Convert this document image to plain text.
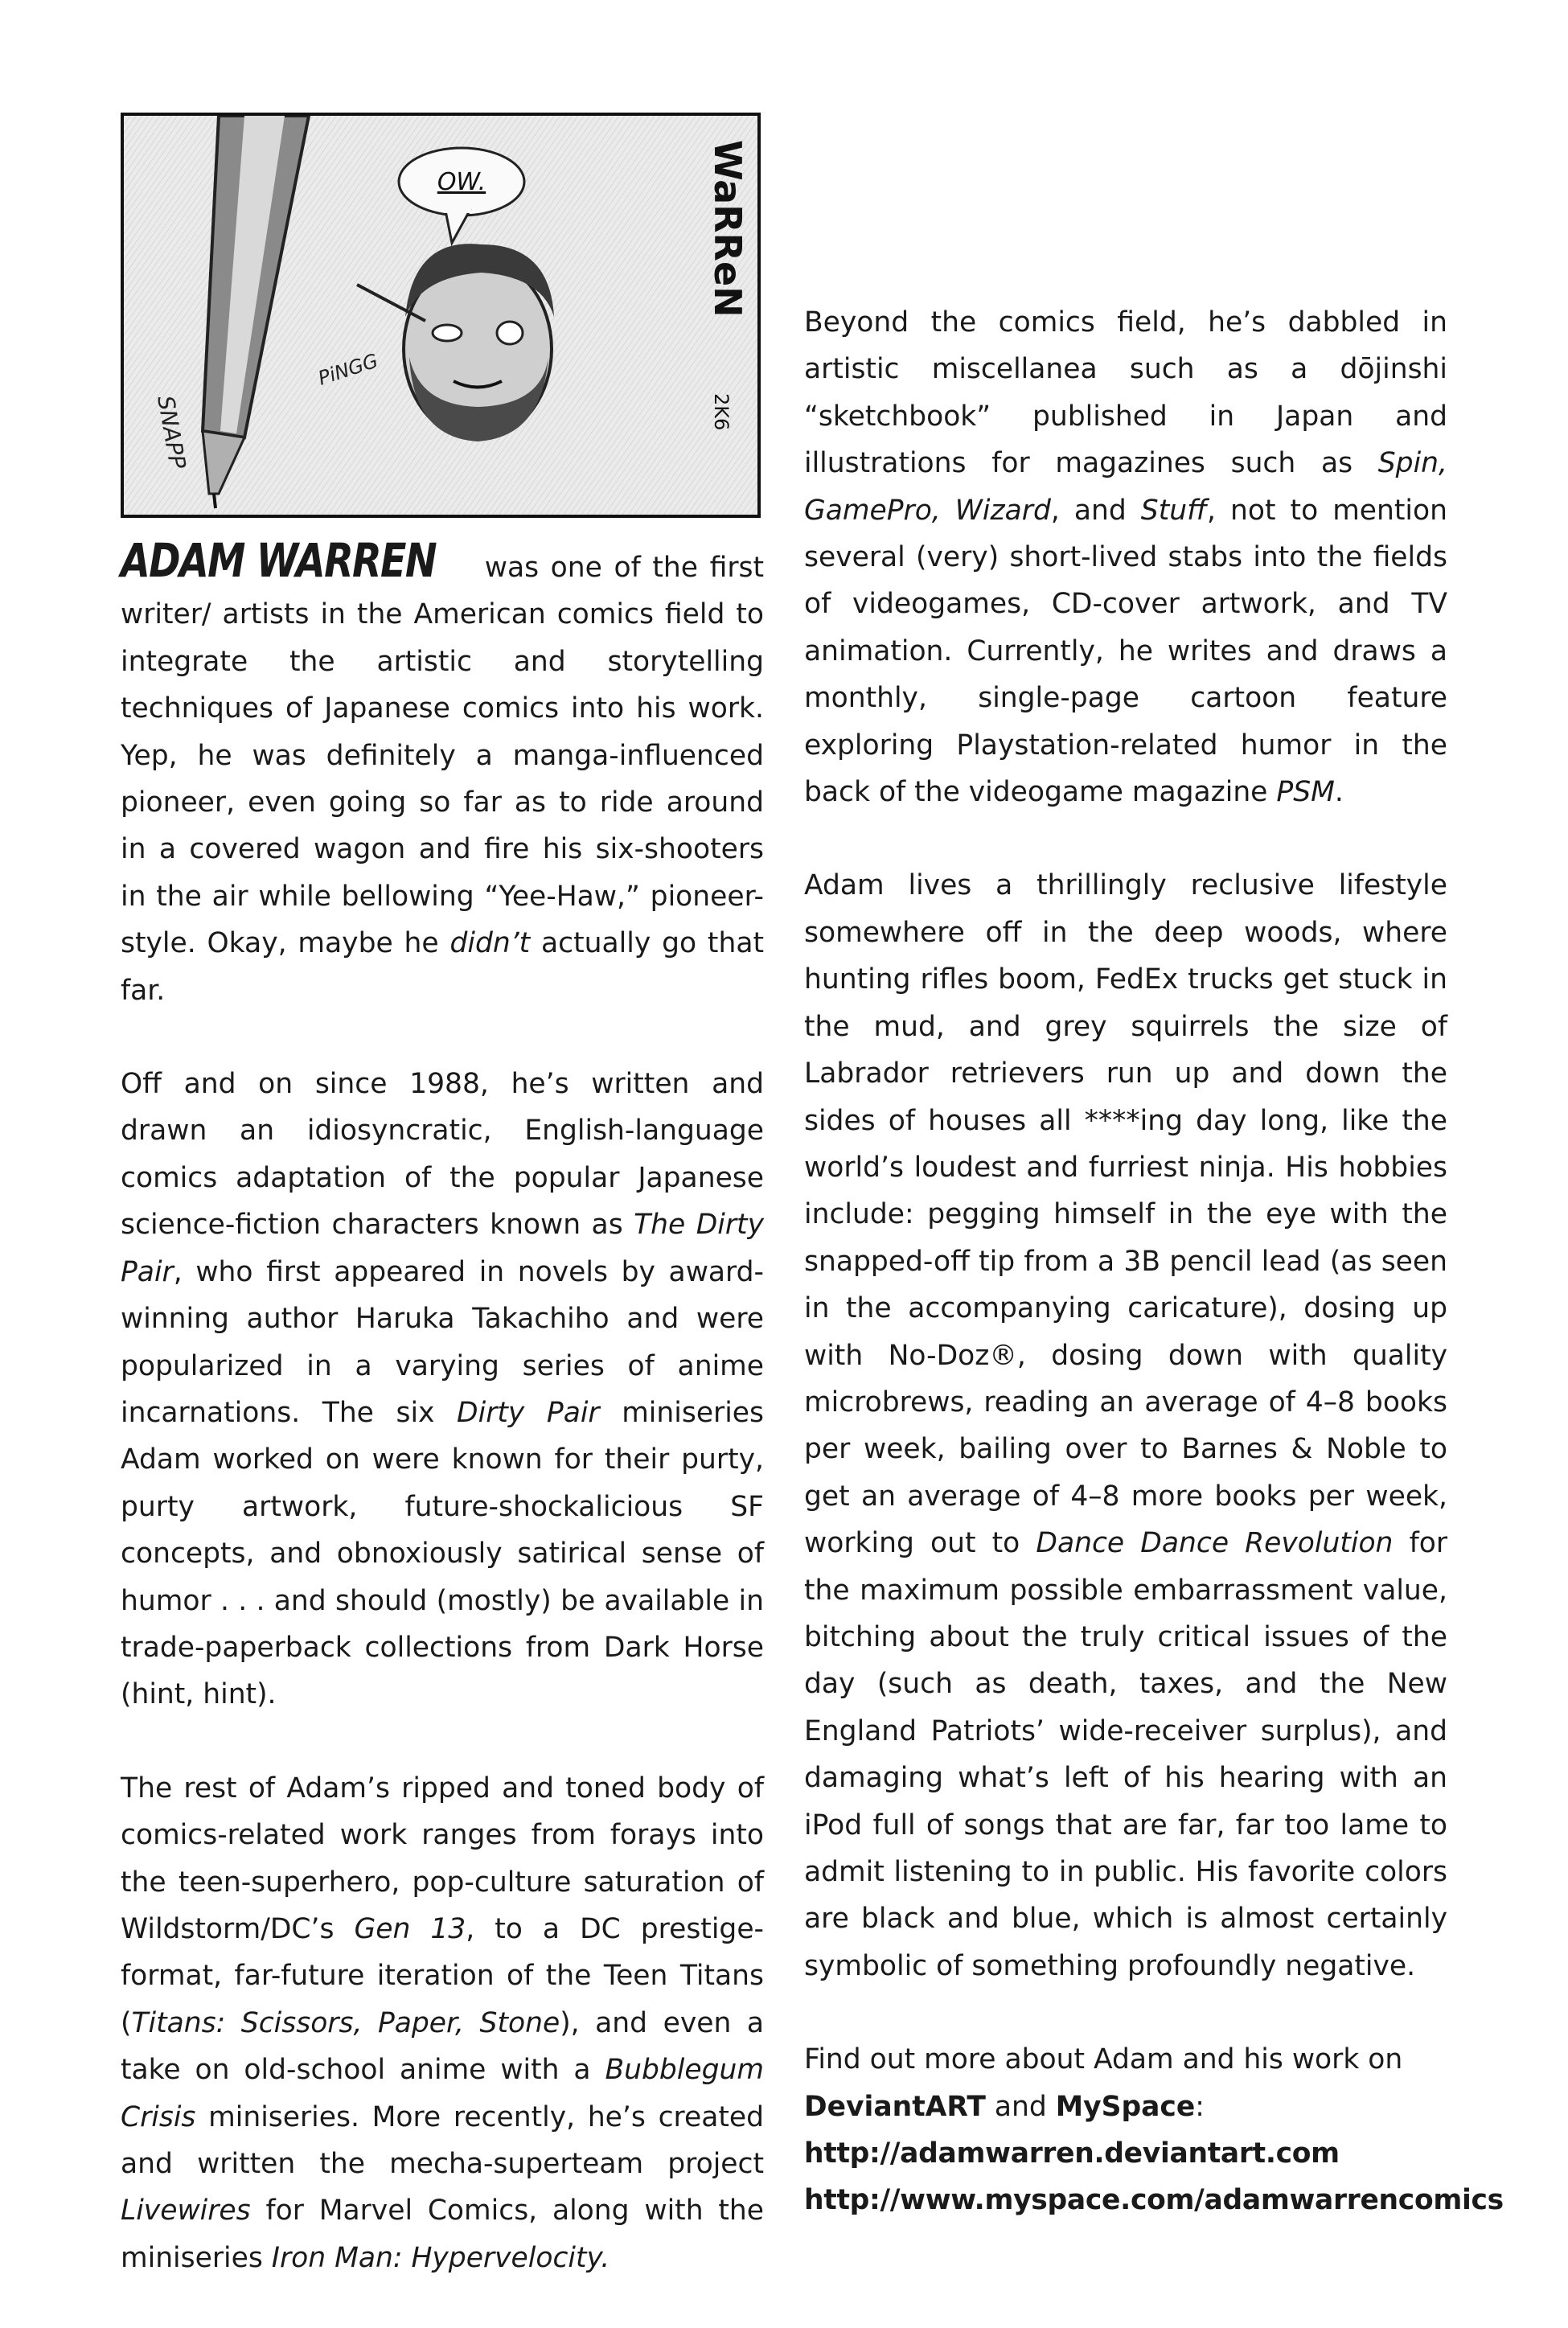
OW.
SNAPP
PiNGG
WaRReN
2K6

ADAM WARREN was one of the first writer/ artists in the American comics field to integrate the artistic and storytelling techniques of Japanese comics into his work. Yep, he was definitely a manga-influenced pioneer, even going so far as to ride around in a covered wagon and fire his six-shooters in the air while bellowing “Yee-Haw,” pioneer-style. Okay, maybe he didn’t actually go that far.

Off and on since 1988, he’s written and drawn an idiosyncratic, English-language comics adaptation of the popular Japanese science-fiction characters known as The Dirty Pair, who first appeared in novels by award-winning author Haruka Takachiho and were popularized in a varying series of anime incarnations. The six Dirty Pair miniseries Adam worked on were known for their purty, purty artwork, future-shockalicious SF concepts, and obnoxiously satirical sense of humor . . . and should (mostly) be available in trade-paperback collections from Dark Horse (hint, hint).

The rest of Adam’s ripped and toned body of comics-related work ranges from forays into the teen-superhero, pop-culture saturation of Wildstorm/DC’s Gen 13, to a DC prestige-format, far-future iteration of the Teen Titans (Titans: Scissors, Paper, Stone), and even a take on old-school anime with a Bubblegum Crisis miniseries. More recently, he’s created and written the mecha-superteam project Livewires for Marvel Comics, along with the miniseries Iron Man: Hypervelocity.

Beyond the comics field, he’s dabbled in artistic miscellanea such as a dōjinshi “sketchbook” published in Japan and illustrations for magazines such as Spin, GamePro, Wizard, and Stuff, not to mention several (very) short-lived stabs into the fields of videogames, CD-cover artwork, and TV animation. Currently, he writes and draws a monthly, single-page cartoon feature exploring Playstation-related humor in the back of the videogame magazine PSM.

Adam lives a thrillingly reclusive lifestyle somewhere off in the deep woods, where hunting rifles boom, FedEx trucks get stuck in the mud, and grey squirrels the size of Labrador retrievers run up and down the sides of houses all ****ing day long, like the world’s loudest and furriest ninja. His hobbies include: pegging himself in the eye with the snapped-off tip from a 3B pencil lead (as seen in the accompanying caricature), dosing up with No-Doz®, dosing down with quality microbrews, reading an average of 4–8 books per week, bailing over to Barnes & Noble to get an average of 4–8 more books per week, working out to Dance Dance Revolution for the maximum possible embarrassment value, bitching about the truly critical issues of the day (such as death, taxes, and the New England Patriots’ wide-receiver surplus), and damaging what’s left of his hearing with an iPod full of songs that are far, far too lame to admit listening to in public. His favorite colors are black and blue, which is almost certainly symbolic of something profoundly negative.

Find out more about Adam and his work on DeviantART and MySpace: http://adamwarren.deviantart.com http://www.myspace.com/adamwarrencomics
